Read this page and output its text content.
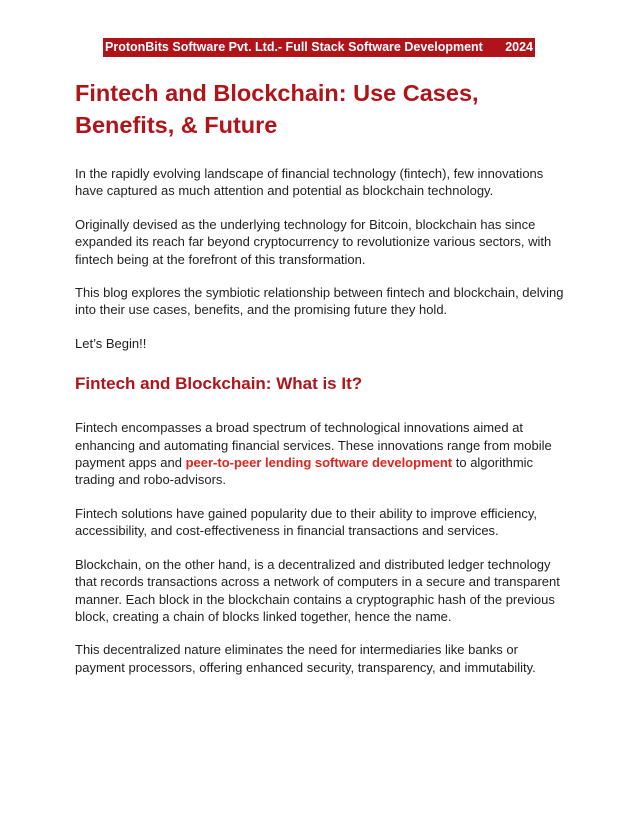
ProtonBits Software Pvt. Ltd.- Full Stack Software Development 2024
Fintech and Blockchain: Use Cases, Benefits, & Future

In the rapidly evolving landscape of financial technology (fintech), few innovations have captured as much attention and potential as blockchain technology.

Originally devised as the underlying technology for Bitcoin, blockchain has since expanded its reach far beyond cryptocurrency to revolutionize various sectors, with fintech being at the forefront of this transformation.

This blog explores the symbiotic relationship between fintech and blockchain, delving into their use cases, benefits, and the promising future they hold.

Let’s Begin!!

Fintech and Blockchain: What is It?

Fintech encompasses a broad spectrum of technological innovations aimed at enhancing and automating financial services. These innovations range from mobile payment apps and peer-to-peer lending software development to algorithmic trading and robo-advisors.

Fintech solutions have gained popularity due to their ability to improve efficiency, accessibility, and cost-effectiveness in financial transactions and services.

Blockchain, on the other hand, is a decentralized and distributed ledger technology that records transactions across a network of computers in a secure and transparent manner. Each block in the blockchain contains a cryptographic hash of the previous block, creating a chain of blocks linked together, hence the name.

This decentralized nature eliminates the need for intermediaries like banks or payment processors, offering enhanced security, transparency, and immutability.
